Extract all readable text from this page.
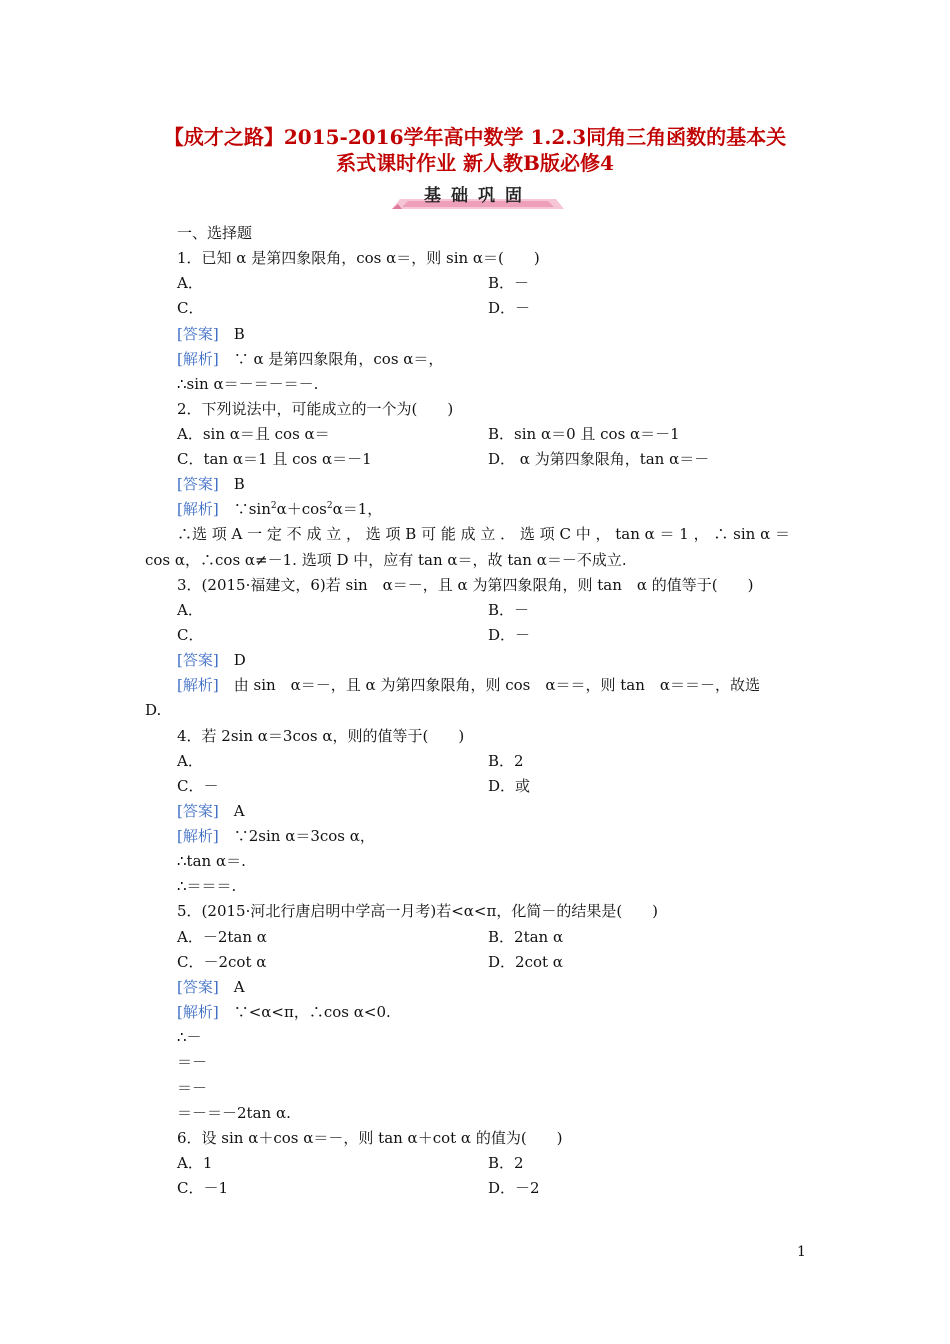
【成才之路】2015-2016学年高中数学 1.2.3同角三角函数的基本关
系式课时作业 新人教B版必修4
基础巩固
一、选择题
1．已知 α 是第四象限角，cos α＝，则 sin α＝(　　)
A．	B．－
C．	D．－
[答案]　 B
[解析]　 ∵ α 是第四象限角，cos α＝，
∴sin α＝－＝－＝－.
2．下列说法中，可能成立的一个为(　　)
A．sin α＝且 cos α＝	B．sin α＝0 且 cos α＝－1
C．tan α＝1 且 cos α＝－1	D． α 为第四象限角，tan α＝－
[答案]　 B
[解析]　 $\because\sin^2\alpha+\cos^2\alpha=1$，
∴选 项 A 一 定 不 成 立 ， 选 项 B 可 能 成 立 ． 选 项 C 中 ， tan α ＝ 1 ， ∴ sin α ＝
cos α，∴cos α≠－1. 选项 D 中，应有 tan α＝，故 tan α＝－不成立.
3．(2015·福建文，6)若 sin　α＝－，且 α 为第四象限角，则 tan　α 的值等于(　　)
A．	B．－
C．	D．－
[答案]　 D
[解析]　 由 sin　α＝－，且 α 为第四象限角，则 cos　α＝＝，则 tan　α＝＝－，故选
D.
4．若 2sin α＝3cos α，则的值等于(　　)
A．	B．2
C．－	D．或
[答案]　 A
[解析]　 ∵2sin α＝3cos α，
∴tan α＝.
∴＝＝＝.
5．(2015·河北行唐启明中学高一月考)若<α<π，化简－的结果是(　　)
A．－2tan α	B．2tan α
C．－2cot α	D．2cot α
[答案]　 A
[解析]　 ∵<α<π，∴cos α<0.
∴－
＝－
＝－
＝－＝－2tan α.
6．设 sin α＋cos α＝－，则 tan α＋cot α 的值为(　　)
A．1	B．2
C．－1	D．－2
1
